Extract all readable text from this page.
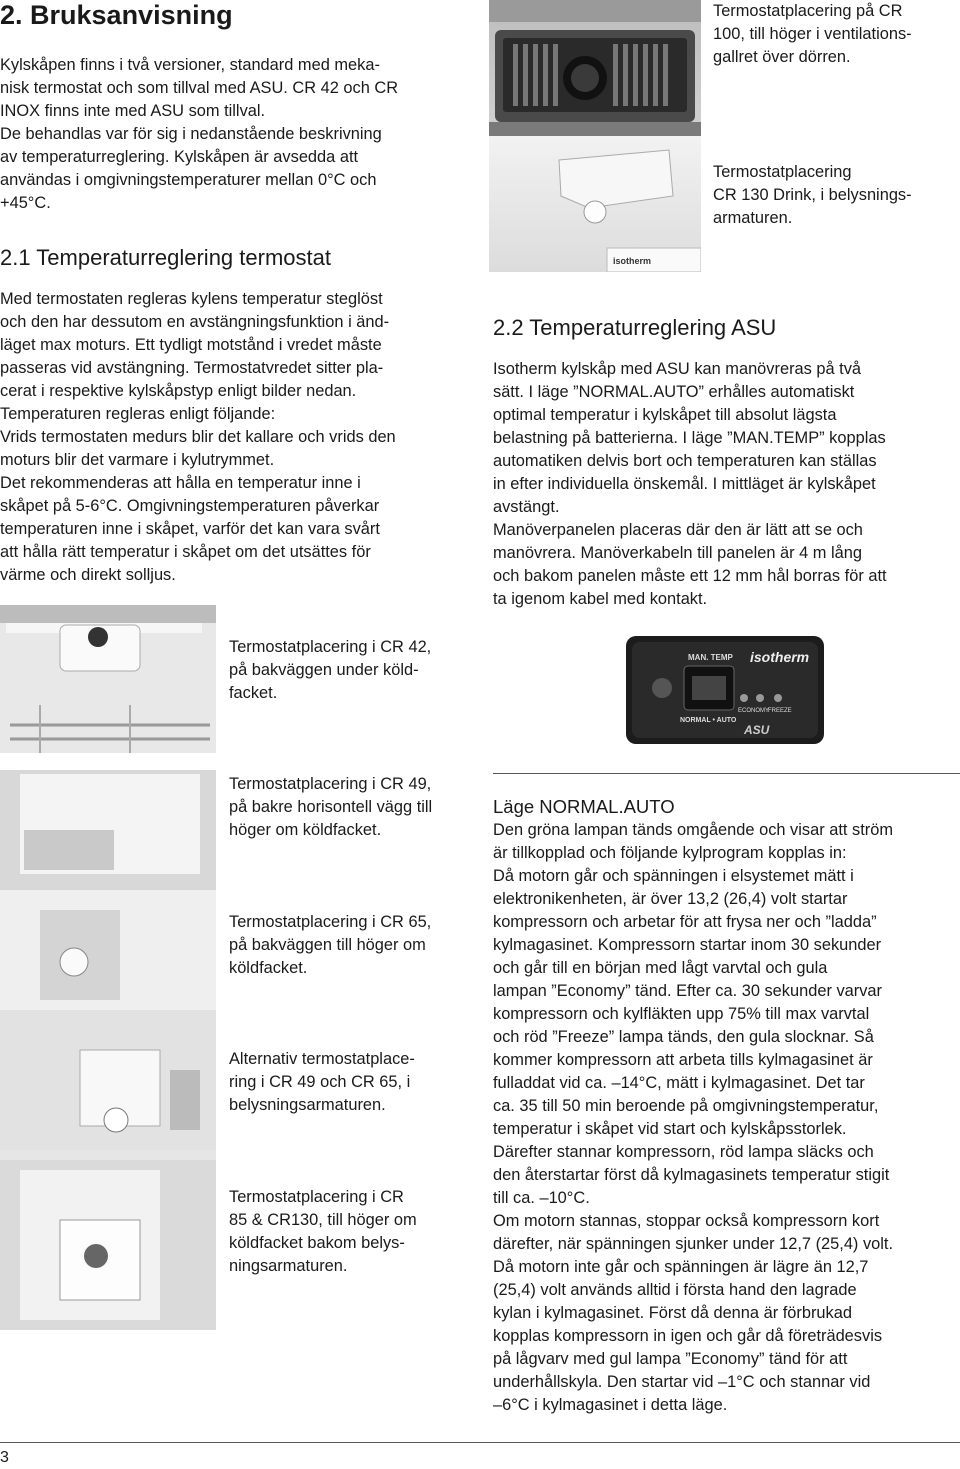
2. Bruksanvisning
Kylskåpen finns i två versioner, standard med meka-
nisk termostat och som tillval med ASU. CR 42 och CR
INOX finns inte med ASU som tillval.
De behandlas var för sig i nedanstående beskrivning
av temperaturreglering. Kylskåpen är avsedda att
användas i omgivningstemperaturer mellan 0°C och
+45°C.
2.1 Temperaturreglering termostat
Med termostaten regleras kylens temperatur steglöst
och den har dessutom en avstängningsfunktion i änd-
läget max moturs. Ett tydligt motstånd i vredet måste
passeras vid avstängning. Termostatvredet sitter pla-
cerat i respektive kylskåpstyp enligt bilder nedan.
Temperaturen regleras enligt följande:
Vrids termostaten medurs blir det kallare och vrids den
moturs blir det varmare i kylutrymmet.
Det rekommenderas att hålla en temperatur inne i
skåpet på 5-6°C. Omgivningstemperaturen påverkar
temperaturen inne i skåpet, varför det kan vara svårt
att hålla rätt temperatur i skåpet om det utsättes för
värme och direkt solljus.
isotherm
Termostatplacering på CR
100, till höger i ventilations-
gallret över dörren.
Termostatplacering
CR 130 Drink, i belysnings-
armaturen.
2.2 Temperaturreglering ASU
Isotherm kylskåp med ASU kan manövreras på två
sätt. I läge ”NORMAL.AUTO” erhålles automatiskt
optimal temperatur i kylskåpet till absolut lägsta
belastning på batterierna. I läge ”MAN.TEMP” kopplas
automatiken delvis bort och temperaturen kan ställas
in efter individuella önskemål. I mittläget är kylskåpet
avstängt.
Manöverpanelen placeras där den är lätt att se och
manövrera. Manöverkabeln till panelen är 4 m lång
och bakom panelen måste ett 12 mm hål borras för att
ta igenom kabel med kontakt.
MAN. TEMP isotherm
NORMAL • AUTO
ECONOMY
FREEZE
ASU
Termostatplacering i CR 42,
på bakväggen under köld-
facket.
Termostatplacering i CR 49,
på bakre horisontell vägg till
höger om köldfacket.
Termostatplacering i CR 65,
på bakväggen till höger om
köldfacket.
Alternativ termostatplace-
ring i CR 49 och CR 65, i
belysningsarmaturen.
Termostatplacering i CR
85 & CR130, till höger om
köldfacket bakom belys-
ningsarmaturen.
Läge NORMAL.AUTO
Den gröna lampan tänds omgående och visar att ström
är tillkopplad och följande kylprogram kopplas in:
Då motorn går och spänningen i elsystemet mätt i
elektronikenheten, är över 13,2 (26,4) volt startar
kompressorn och arbetar för att frysa ner och ”ladda”
kylmagasinet. Kompressorn startar inom 30 sekunder
och går till en början med lågt varvtal och gula
lampan ”Economy” tänd. Efter ca. 30 sekunder varvar
kompressorn och kylfläkten upp 75% till max varvtal
och röd ”Freeze” lampa tänds, den gula slocknar. Så
kommer kompressorn att arbeta tills kylmagasinet är
fulladdat vid ca. –14°C, mätt i kylmagasinet. Det tar
ca. 35 till 50 min beroende på omgivningstemperatur,
temperatur i skåpet vid start och kylskåpsstorlek.
Därefter stannar kompressorn, röd lampa släcks och
den återstartar först då kylmagasinets temperatur stigit
till ca. –10°C.
Om motorn stannas, stoppar också kompressorn kort
därefter, när spänningen sjunker under 12,7 (25,4) volt.
Då motorn inte går och spänningen är lägre än 12,7
(25,4) volt används alltid i första hand den lagrade
kylan i kylmagasinet. Först då denna är förbrukad
kopplas kompressorn in igen och går då företrädesvis
på lågvarv med gul lampa ”Economy” tänd för att
underhållskyla. Den startar vid –1°C och stannar vid
–6°C i kylmagasinet i detta läge.
3
